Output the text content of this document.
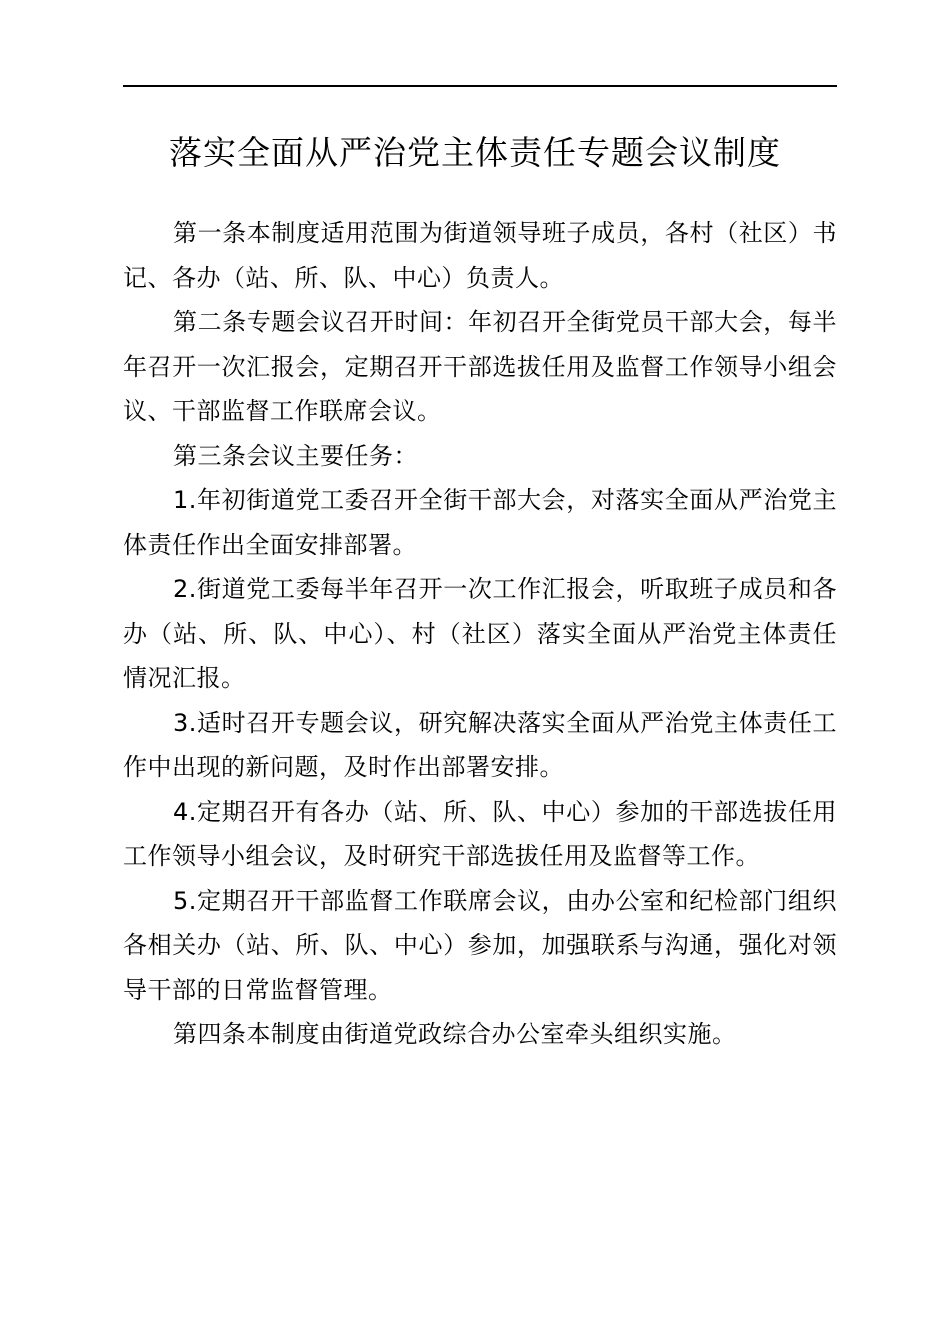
落实全面从严治党主体责任专题会议制度

第一条本制度适用范围为街道领导班子成员，各村（社区）书记、各办（站、所、队、中心）负责人。

第二条专题会议召开时间：年初召开全街党员干部大会，每半年召开一次汇报会，定期召开干部选拔任用及监督工作领导小组会议、干部监督工作联席会议。

第三条会议主要任务：

1.年初街道党工委召开全街干部大会，对落实全面从严治党主体责任作出全面安排部署。

2.街道党工委每半年召开一次工作汇报会，听取班子成员和各办（站、所、队、中心）、村（社区）落实全面从严治党主体责任情况汇报。

3.适时召开专题会议，研究解决落实全面从严治党主体责任工作中出现的新问题，及时作出部署安排。

4.定期召开有各办（站、所、队、中心）参加的干部选拔任用工作领导小组会议，及时研究干部选拔任用及监督等工作。

5.定期召开干部监督工作联席会议，由办公室和纪检部门组织各相关办（站、所、队、中心）参加，加强联系与沟通，强化对领导干部的日常监督管理。

第四条本制度由街道党政综合办公室牵头组织实施。
